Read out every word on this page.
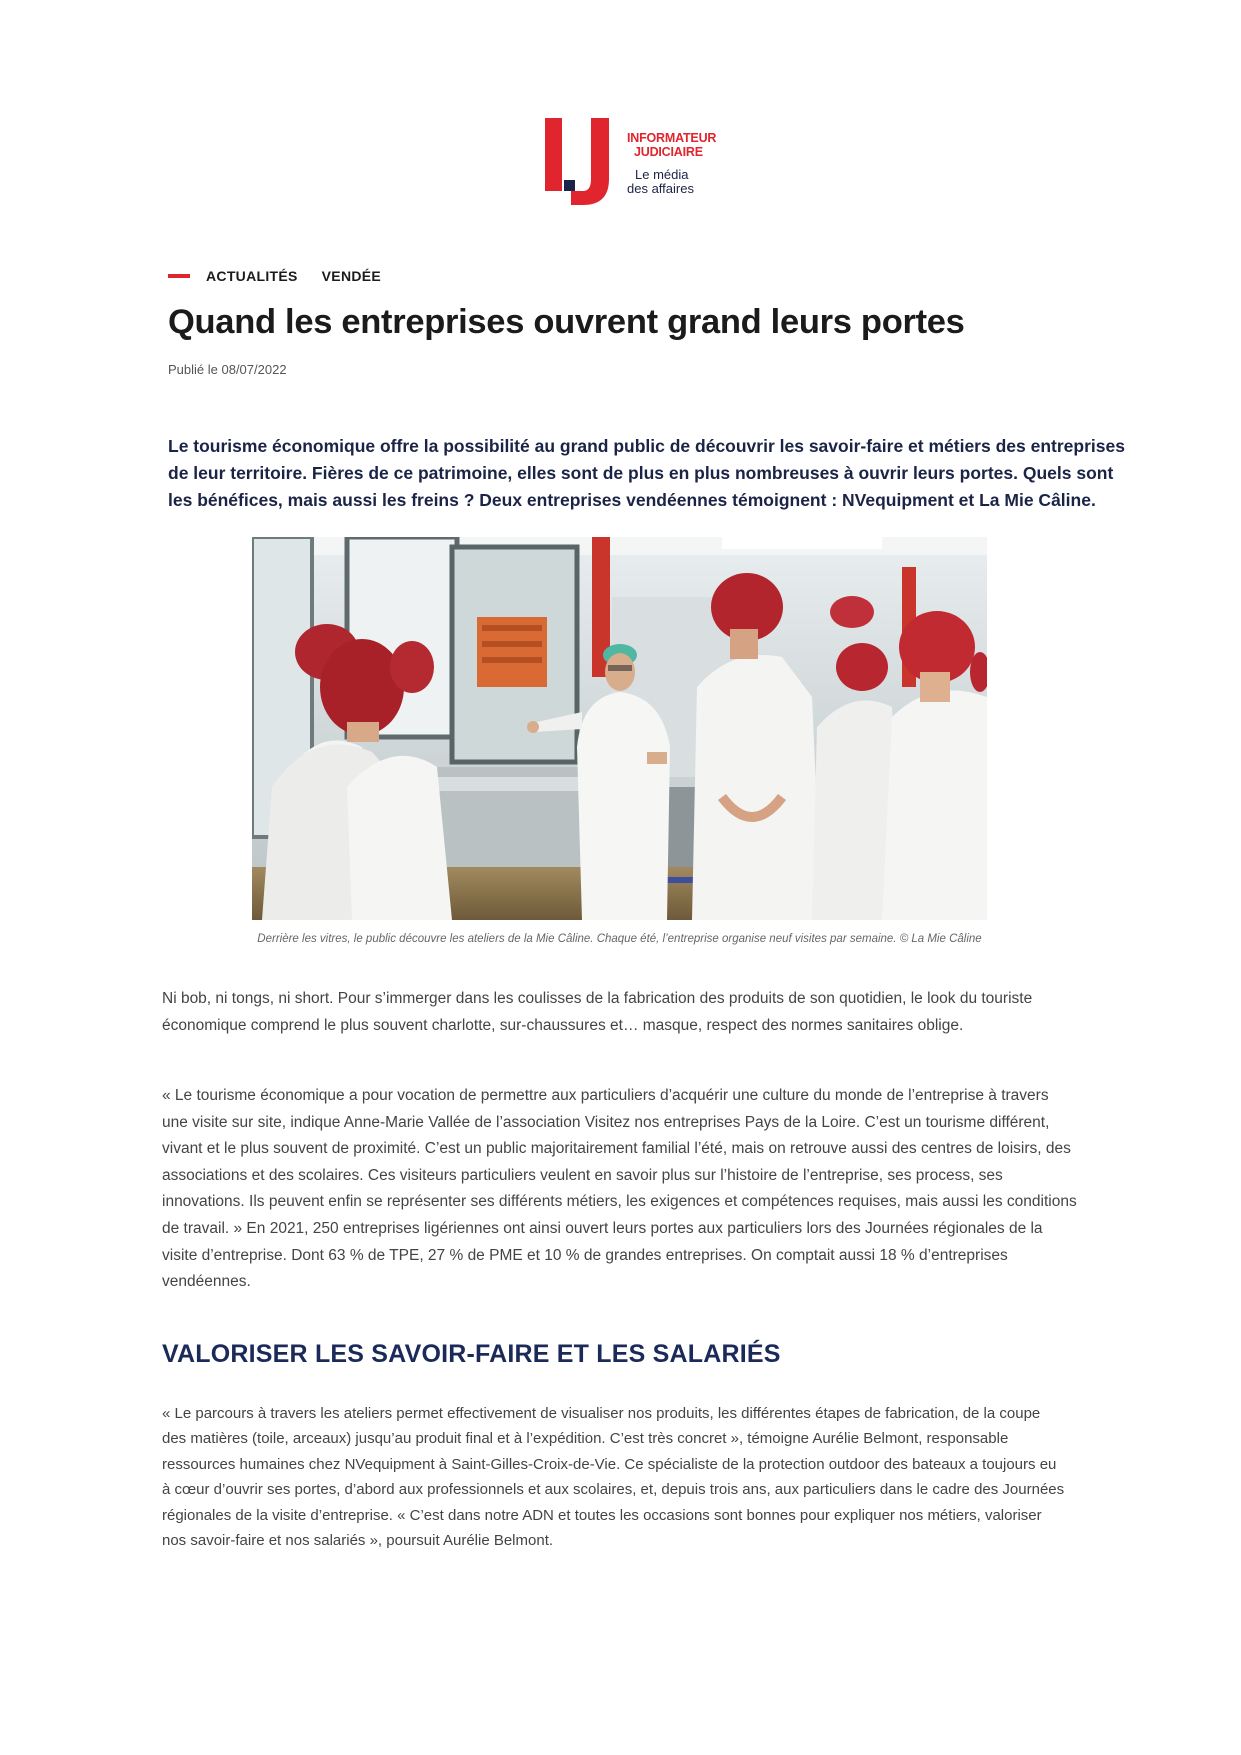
INFORMATEUR
JUDICIAIRE
Le média
des affaires
ACTUALITÉS VENDÉE
Quand les entreprises ouvrent grand leurs portes
Publié le 08/07/2022

Le tourisme économique offre la possibilité au grand public de découvrir les savoir-faire et métiers des entreprises de leur territoire. Fières de ce patrimoine, elles sont de plus en plus nombreuses à ouvrir leurs portes. Quels sont les bénéfices, mais aussi les freins ? Deux entreprises vendéennes témoignent : NVequipment et La Mie Câline.

Derrière les vitres, le public découvre les ateliers de la Mie Câline. Chaque été, l’entreprise organise neuf visites par semaine. © La Mie Câline

Ni bob, ni tongs, ni short. Pour s’immerger dans les coulisses de la fabrication des produits de son quotidien, le look du touriste économique comprend le plus souvent charlotte, sur-chaussures et… masque, respect des normes sanitaires oblige.

« Le tourisme économique a pour vocation de permettre aux particuliers d’acquérir une culture du monde de l’entreprise à travers une visite sur site, indique Anne-Marie Vallée de l’association Visitez nos entreprises Pays de la Loire. C’est un tourisme différent, vivant et le plus souvent de proximité. C’est un public majoritairement familial l’été, mais on retrouve aussi des centres de loisirs, des associations et des scolaires. Ces visiteurs particuliers veulent en savoir plus sur l’histoire de l’entreprise, ses process, ses innovations. Ils peuvent enfin se représenter ses différents métiers, les exigences et compétences requises, mais aussi les conditions de travail. » En 2021, 250 entreprises ligériennes ont ainsi ouvert leurs portes aux particuliers lors des Journées régionales de la visite d’entreprise. Dont 63 % de TPE, 27 % de PME et 10 % de grandes entreprises. On comptait aussi 18 % d’entreprises vendéennes.

VALORISER LES SAVOIR-FAIRE ET LES SALARIÉS

« Le parcours à travers les ateliers permet effectivement de visualiser nos produits, les différentes étapes de fabrication, de la coupe des matières (toile, arceaux) jusqu’au produit final et à l’expédition. C’est très concret », témoigne Aurélie Belmont, responsable ressources humaines chez NVequipment à Saint-Gilles-Croix-de-Vie. Ce spécialiste de la protection outdoor des bateaux a toujours eu à cœur d’ouvrir ses portes, d’abord aux professionnels et aux scolaires, et, depuis trois ans, aux particuliers dans le cadre des Journées régionales de la visite d’entreprise. « C’est dans notre ADN et toutes les occasions sont bonnes pour expliquer nos métiers, valoriser nos savoir-faire et nos salariés », poursuit Aurélie Belmont.
